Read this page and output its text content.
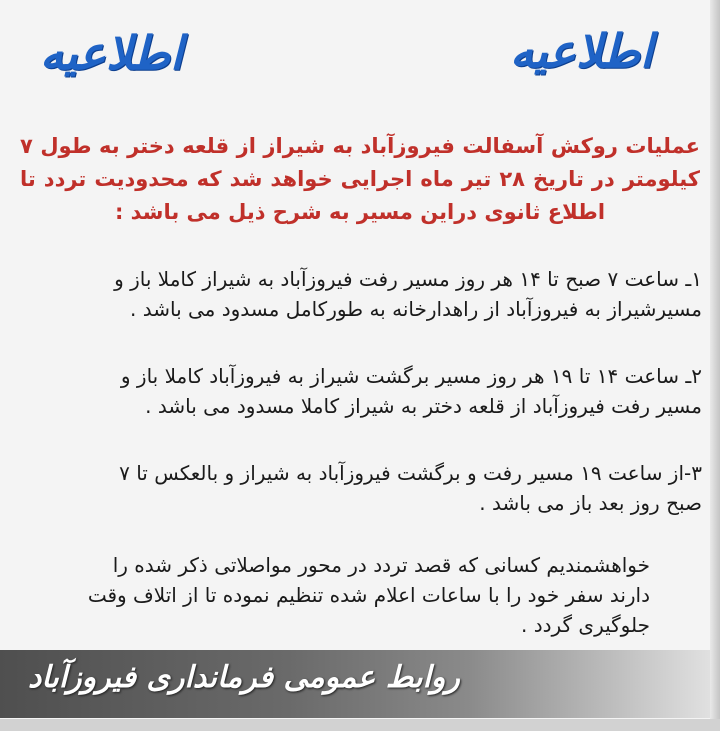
اطلاعیه	اطلاعیه
عملیات روکش آسفالت فیروزآباد به شیراز از قلعه دختر به طول ۷
کیلومتر در تاریخ ۲۸ تیر ماه اجرایی خواهد شد که محدودیت تردد تا
اطلاع ثانوی دراین مسیر به شرح ذیل می باشد :
۱ـ ساعت ۷ صبح تا ۱۴ هر روز مسیر رفت فیروزآباد به شیراز کاملا باز و
مسیرشیراز به فیروزآباد از راهدارخانه به طورکامل مسدود می باشد .
۲ـ ساعت ۱۴ تا ۱۹ هر روز مسیر برگشت شیراز به فیروزآباد کاملا باز و
مسیر رفت فیروزآباد از قلعه دختر به شیراز کاملا مسدود می باشد .
۳-از ساعت ۱۹ مسیر رفت و برگشت فیروزآباد به شیراز و بالعکس تا ۷
صبح روز بعد باز می باشد .
خواهشمندیم کسانی که قصد تردد در محور مواصلاتی ذکر شده را
دارند سفر خود را با ساعات اعلام شده تنظیم نموده تا از اتلاف وقت
جلوگیری گردد .
روابط عمومی فرمانداری فیروزآباد
